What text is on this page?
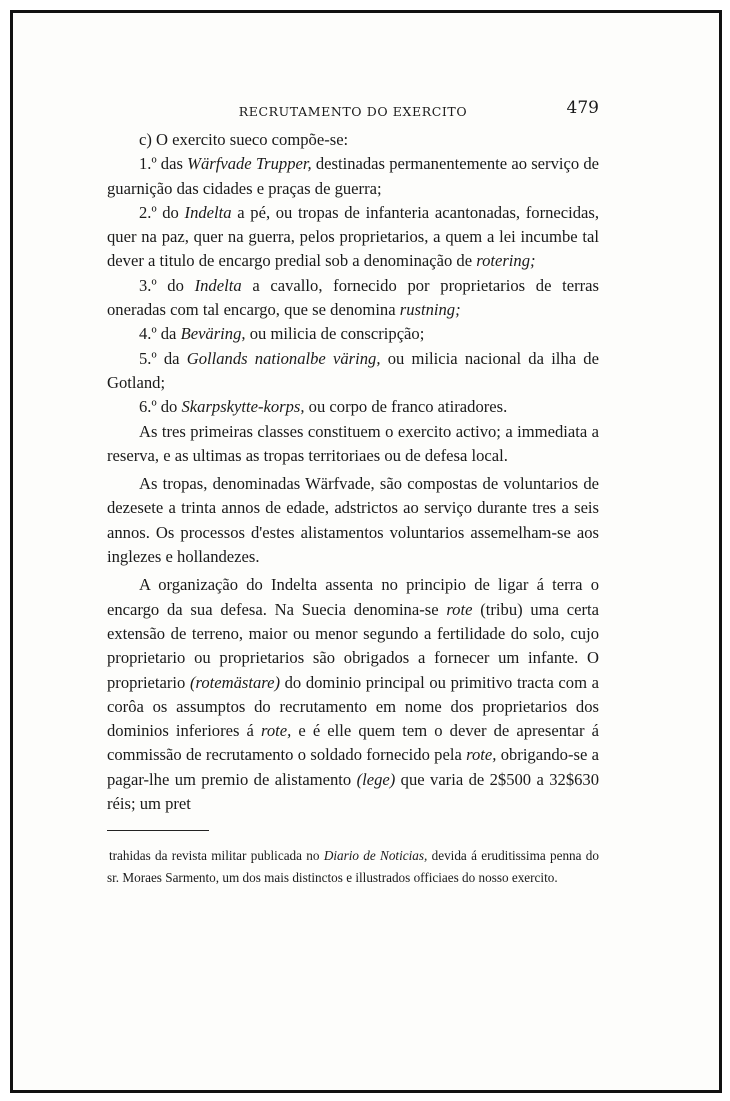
RECRUTAMENTO DO EXERCITO	479

c) O exercito sueco compõe-se:

1.º das Wärfvade Trupper, destinadas permanentemente ao serviço de guarnição das cidades e praças de guerra;

2.º do Indelta a pé, ou tropas de infanteria acantonadas, fornecidas, quer na paz, quer na guerra, pelos proprietarios, a quem a lei incumbe tal dever a titulo de encargo predial sob a denominação de rotering;

3.º do Indelta a cavallo, fornecido por proprietarios de terras oneradas com tal encargo, que se denomina rustning;

4.º da Beväring, ou milicia de conscripção;

5.º da Gollands nationalbe väring, ou milicia nacional da ilha de Gotland;

6.º do Skarpskytte-korps, ou corpo de franco atiradores.

As tres primeiras classes constituem o exercito activo; a immediata a reserva, e as ultimas as tropas territoriaes ou de defesa local.

As tropas, denominadas Wärfvade, são compostas de voluntarios de dezesete a trinta annos de edade, adstrictos ao serviço durante tres a seis annos. Os processos d'estes alistamentos voluntarios assemelham-se aos inglezes e hollandezes.

A organização do Indelta assenta no principio de ligar á terra o encargo da sua defesa. Na Suecia denomina-se rote (tribu) uma certa extensão de terreno, maior ou menor segundo a fertilidade do solo, cujo proprietario ou proprietarios são obrigados a fornecer um infante. O proprietario (rotemästare) do dominio principal ou primitivo tracta com a corôa os assumptos do recrutamento em nome dos proprietarios dos dominios inferiores á rote, e é elle quem tem o dever de apresentar á commissão de recrutamento o soldado fornecido pela rote, obrigando-se a pagar-lhe um premio de alistamento (lege) que varia de 2$500 a 32$630 réis; um pret

trahidas da revista militar publicada no Diario de Noticias, devida á eruditissima penna do sr. Moraes Sarmento, um dos mais distinctos e illustrados officiaes do nosso exercito.
